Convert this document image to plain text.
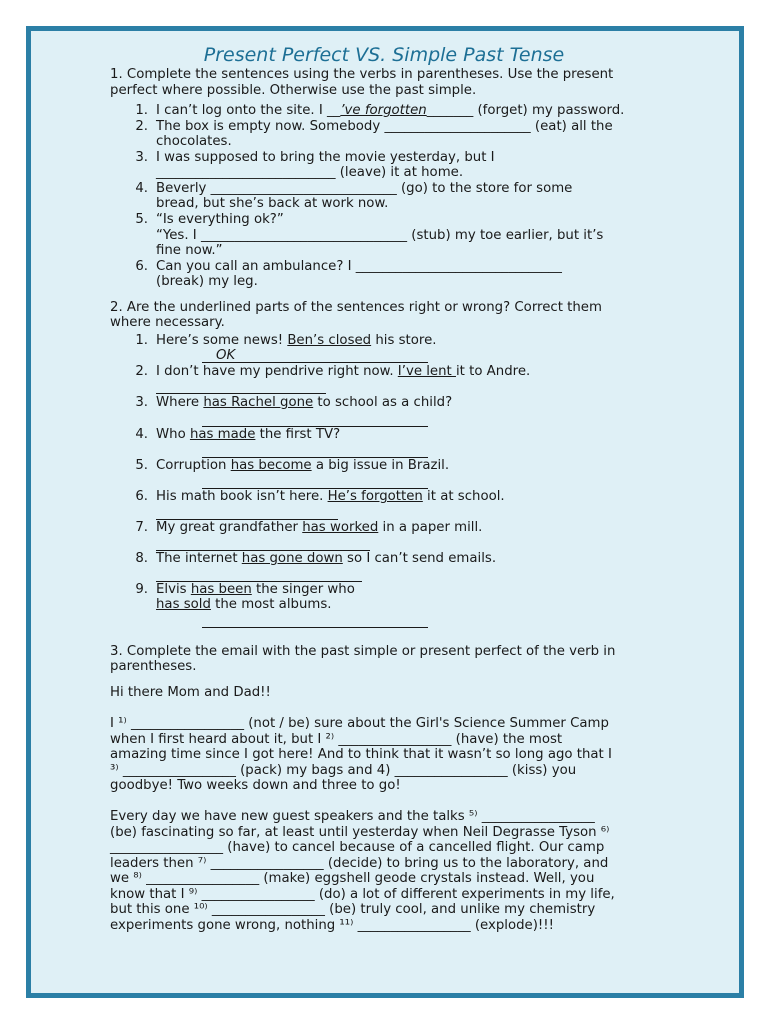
Present Perfect VS. Simple Past Tense
1. Complete the sentences using the verbs in parentheses. Use the present
perfect where possible. Otherwise use the past simple.
1. I can’t log onto the site. I __’ve forgotten_______ (forget) my password.
2. The box is empty now. Somebody ______________________ (eat) all the
chocolates.
3. I was supposed to bring the movie yesterday, but I
___________________________ (leave) it at home.
4. Beverly ____________________________ (go) to the store for some
bread, but she’s back at work now.
5. “Is everything ok?”
“Yes. I _______________________________ (stub) my toe earlier, but it’s
fine now.”
6. Can you call an ambulance? I _______________________________
(break) my leg.
2. Are the underlined parts of the sentences right or wrong? Correct them
where necessary.
1. Here’s some news! Ben’s closed his store.
OK
2. I don’t have my pendrive right now. I’ve lent it to Andre.
3. Where has Rachel gone to school as a child?
4. Who has made the first TV?
5. Corruption has become a big issue in Brazil.
6. His math book isn’t here. He’s forgotten it at school.
7. My great grandfather has worked in a paper mill.
8. The internet has gone down so I can’t send emails.
9. Elvis has been the singer who
has sold the most albums.
3. Complete the email with the past simple or present perfect of the verb in
parentheses.
Hi there Mom and Dad!!
I ¹⁾ _________________ (not / be) sure about the Girl's Science Summer Camp
when I first heard about it, but I ²⁾ _________________ (have) the most
amazing time since I got here! And to think that it wasn’t so long ago that I
³⁾ _________________ (pack) my bags and 4) _________________ (kiss) you
goodbye! Two weeks down and three to go!
Every day we have new guest speakers and the talks ⁵⁾ _________________
(be) fascinating so far, at least until yesterday when Neil Degrasse Tyson ⁶⁾
_________________ (have) to cancel because of a cancelled flight. Our camp
leaders then ⁷⁾ _________________ (decide) to bring us to the laboratory, and
we ⁸⁾ _________________ (make) eggshell geode crystals instead. Well, you
know that I ⁹⁾ _________________ (do) a lot of different experiments in my life,
but this one ¹⁰⁾ _________________ (be) truly cool, and unlike my chemistry
experiments gone wrong, nothing ¹¹⁾ _________________ (explode)!!!
